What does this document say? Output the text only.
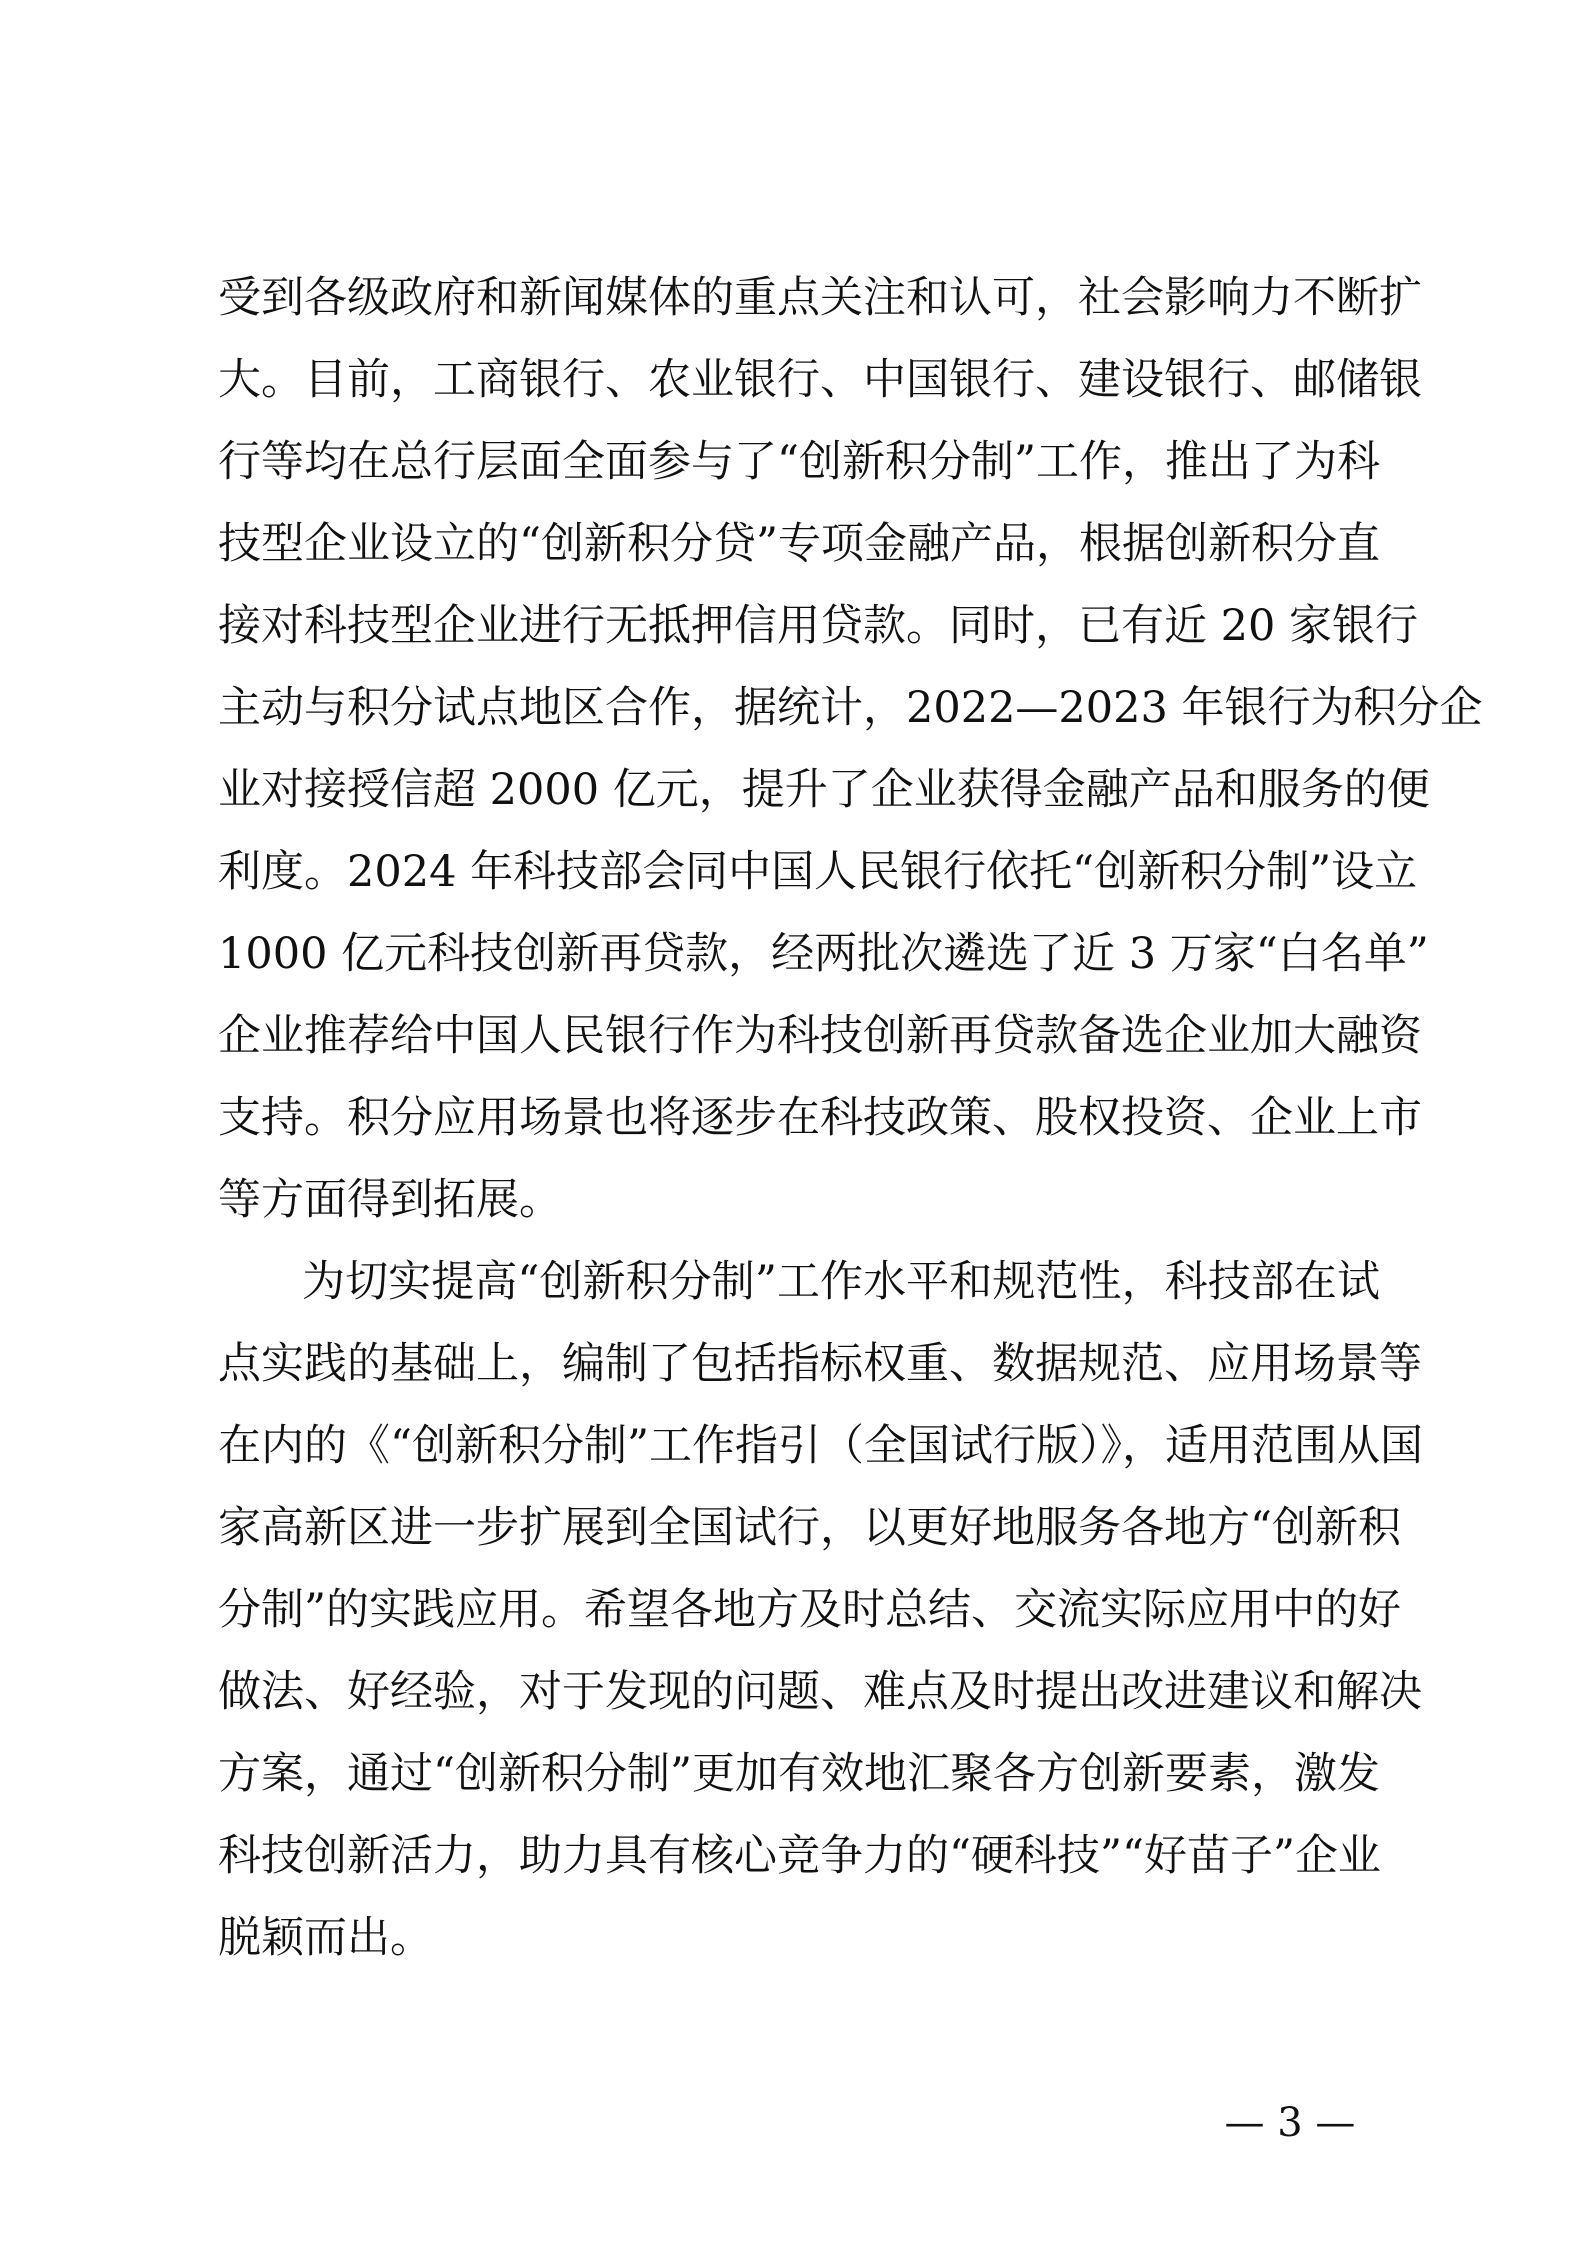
受到各级政府和新闻媒体的重点关注和认可，社会影响力不断扩
大。目前，工商银行、农业银行、中国银行、建设银行、邮储银
行等均在总行层面全面参与了“创新积分制”工作，推出了为科
技型企业设立的“创新积分贷”专项金融产品，根据创新积分直
接对科技型企业进行无抵押信用贷款。同时，已有近 20 家银行
主动与积分试点地区合作，据统计，2022—2023 年银行为积分企
业对接授信超 2000 亿元，提升了企业获得金融产品和服务的便
利度。2024 年科技部会同中国人民银行依托“创新积分制”设立
1000 亿元科技创新再贷款，经两批次遴选了近 3 万家“白名单”
企业推荐给中国人民银行作为科技创新再贷款备选企业加大融资
支持。积分应用场景也将逐步在科技政策、股权投资、企业上市
等方面得到拓展。
为切实提高“创新积分制”工作水平和规范性，科技部在试
点实践的基础上，编制了包括指标权重、数据规范、应用场景等
在内的《“创新积分制”工作指引（全国试行版）》，适用范围从国
家高新区进一步扩展到全国试行，以更好地服务各地方“创新积
分制”的实践应用。希望各地方及时总结、交流实际应用中的好
做法、好经验，对于发现的问题、难点及时提出改进建议和解决
方案，通过“创新积分制”更加有效地汇聚各方创新要素，激发
科技创新活力，助力具有核心竞争力的“硬科技”“好苗子”企业
脱颖而出。
— 3 —
